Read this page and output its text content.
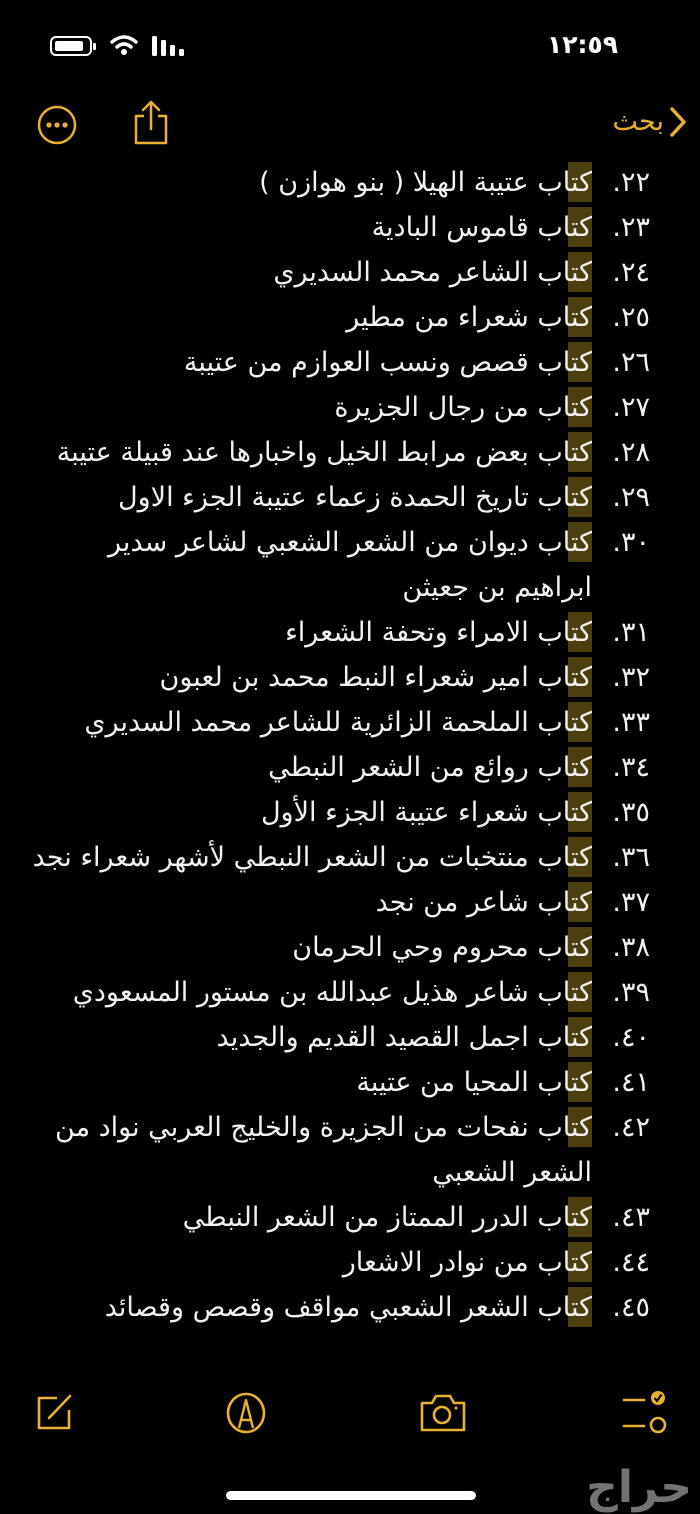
١٢:٥٩
بحث
٢٢.
كتاب عتيبة الهيلا ( بنو هوازن )
٢٣.
كتاب قاموس البادية
٢٤.
كتاب الشاعر محمد السديري
٢٥.
كتاب شعراء من مطير
٢٦.
كتاب قصص ونسب العوازم من عتيبة
٢٧.
كتاب من رجال الجزيرة
٢٨.
كتاب بعض مرابط الخيل واخبارها عند قبيلة عتيبة
٢٩.
كتاب تاريخ الحمدة زعماء عتيبة الجزء الاول
٣٠.
كتاب ديوان من الشعر الشعبي لشاعر سدير ابراهيم بن جعيثن
٣١.
كتاب الامراء وتحفة الشعراء
٣٢.
كتاب امير شعراء النبط محمد بن لعبون
٣٣.
كتاب الملحمة الزائرية للشاعر محمد السديري
٣٤.
كتاب روائع من الشعر النبطي
٣٥.
كتاب شعراء عتيبة الجزء الأول
٣٦.
كتاب منتخبات من الشعر النبطي لأشهر شعراء نجد
٣٧.
كتاب شاعر من نجد
٣٨.
كتاب محروم وحي الحرمان
٣٩.
كتاب شاعر هذيل عبدالله بن مستور المسعودي
٤٠.
كتاب اجمل القصيد القديم والجديد
٤١.
كتاب المحيا من عتيبة
٤٢.
كتاب نفحات من الجزيرة والخليج العربي نواد من الشعر الشعبي
٤٣.
كتاب الدرر الممتاز من الشعر النبطي
٤٤.
كتاب من نوادر الاشعار
٤٥.
كتاب الشعر الشعبي مواقف وقصص وقصائد
حراج
